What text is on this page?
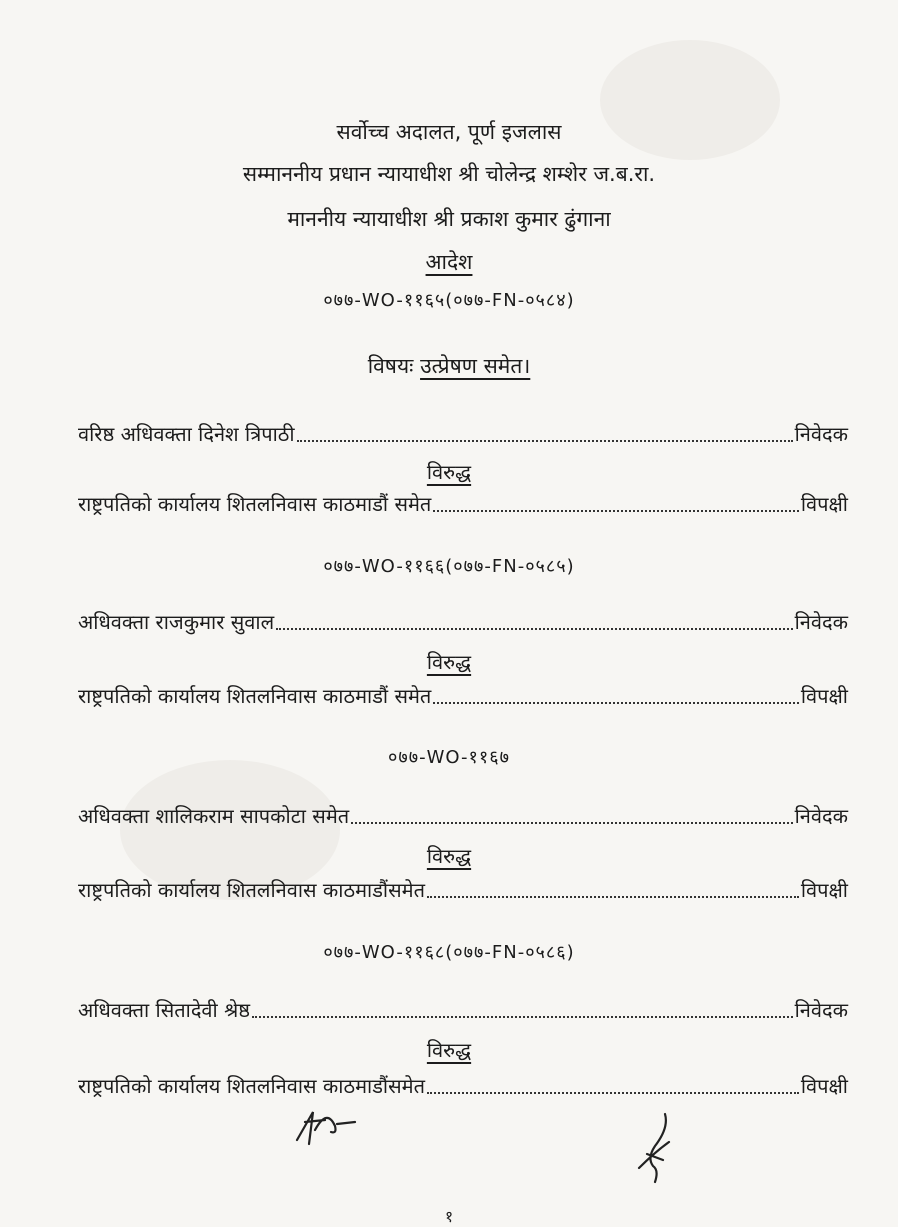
सर्वोच्च अदालत, पूर्ण इजलास
सम्माननीय प्रधान न्यायाधीश श्री चोलेन्द्र शम्शेर ज.ब.रा.
माननीय न्यायाधीश श्री प्रकाश कुमार ढुंगाना
आदेश
०७७-WO-११६५(०७७-FN-०५८४)
विषयः उत्प्रेषण समेत।
वरिष्ठ अधिवक्ता दिनेश त्रिपाठी	निवेदक
विरुद्ध
राष्ट्रपतिको कार्यालय शितलनिवास काठमाडौं समेत	विपक्षी
०७७-WO-११६६(०७७-FN-०५८५)
अधिवक्ता राजकुमार सुवाल	निवेदक
विरुद्ध
राष्ट्रपतिको कार्यालय शितलनिवास काठमाडौं समेत	विपक्षी
०७७-WO-११६७
अधिवक्ता शालिकराम सापकोटा समेत	निवेदक
विरुद्ध
राष्ट्रपतिको कार्यालय शितलनिवास काठमाडौंसमेत	विपक्षी
०७७-WO-११६८(०७७-FN-०५८६)
अधिवक्ता सितादेवी श्रेष्ठ	निवेदक
विरुद्ध
राष्ट्रपतिको कार्यालय शितलनिवास काठमाडौंसमेत	विपक्षी
१
